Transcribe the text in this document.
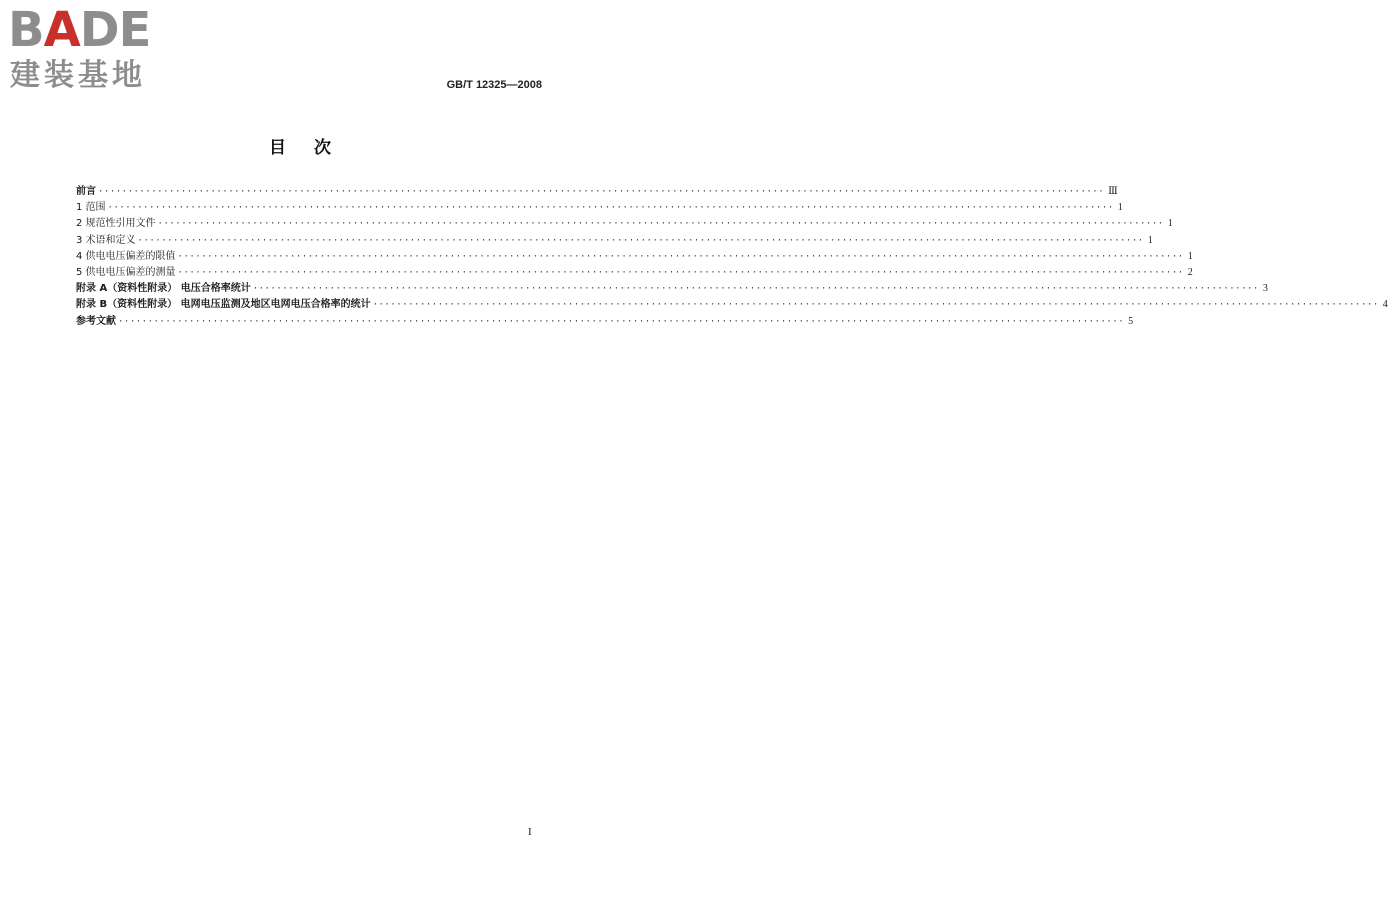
BADE
建装基地	GB/T 12325—2008
目次
前言 ·········································································································································································· Ⅲ
1 范围 ·········································································································································································· 1
2 规范性引用文件 ·········································································································································································· 1
3 术语和定义 ·········································································································································································· 1
4 供电电压偏差的限值 ·········································································································································································· 1
5 供电电压偏差的测量 ·········································································································································································· 2
附录 A（资料性附录） 电压合格率统计 ·········································································································································································· 3
附录 B（资料性附录） 电网电压监测及地区电网电压合格率的统计 ·········································································································································································· 4
参考文献 ·········································································································································································· 5
I
